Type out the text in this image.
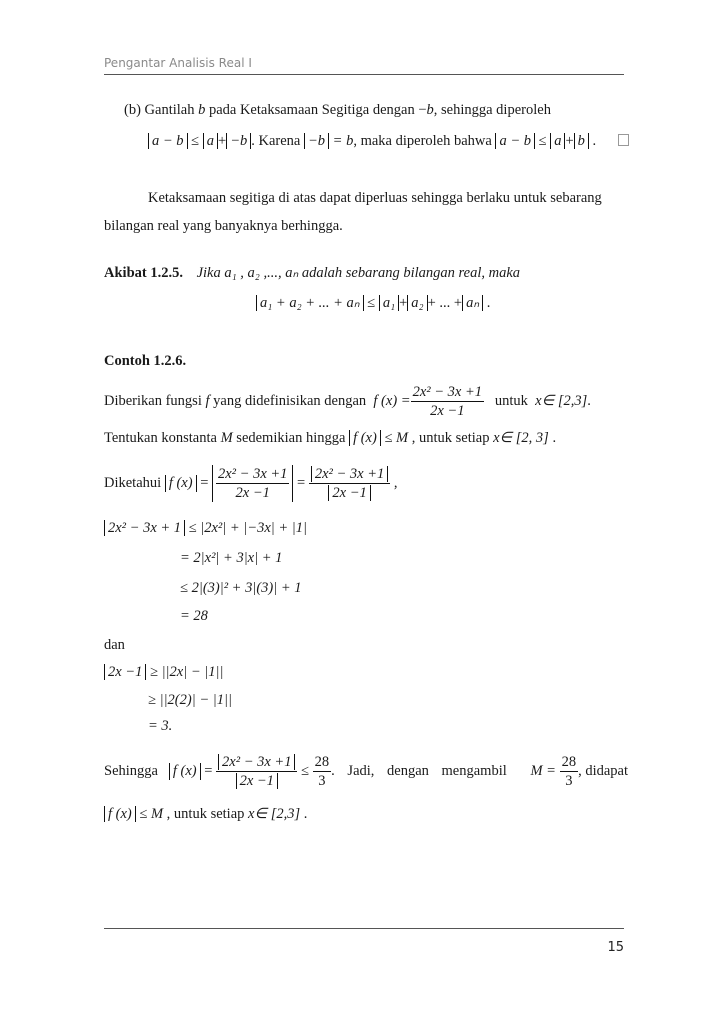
Pengantar Analisis Real I
(b) Gantilah b pada Ketaksamaan Segitiga dengan −b, sehingga diperoleh
a − b ≤ a + −b . Karena −b = b, maka diperoleh bahwa a − b ≤ a + b .
Ketaksamaan segitiga di atas dapat diperluas sehingga berlaku untuk sebarang
bilangan real yang banyaknya berhingga.
Akibat 1.2.5. Jika a₁ , a₂ ,..., aₙ adalah sebarang bilangan real, maka
a₁ + a₂ + ... + aₙ ≤ a₁ + a₂ + ... + aₙ .
Contoh 1.2.6.
Diberikan fungsi
f
yang didefinisikan dengan
f $(x) = \frac{\text{2x² − 3x +1}}{2x -1}$
untuk
x∈ [2,3] .
Tentukan konstanta M sedemikian hingga f (x) ≤ M , untuk setiap x∈ [2, 3] .
Diketahui
f (x)
=
$\frac{\text{2x² − 3x +1}}{2x -1}$
=
$\frac{\text{2x² − 3x +1}}{2x -1}$
,
2x² − 3x + 1 ≤ |2x²| + |−3x| + |1|
= 2|x²| + 3|x| + 1
≤ 2|(3)|² + 3|(3)| + 1
= 28
dan
2x −1 ≥ ||2x| − |1||
≥ ||2(2)| − |1||
= 3.
Sehingga
f (x)
=
$\frac{\text{2x² − 3x +1}}{2x -1}$
≤
$\frac{28}{3}$ . Jadi, dengan mengambil	M =
$\frac{28}{3}$ , didapat
f (x) ≤ M , untuk setiap x∈ [2,3] .
15
